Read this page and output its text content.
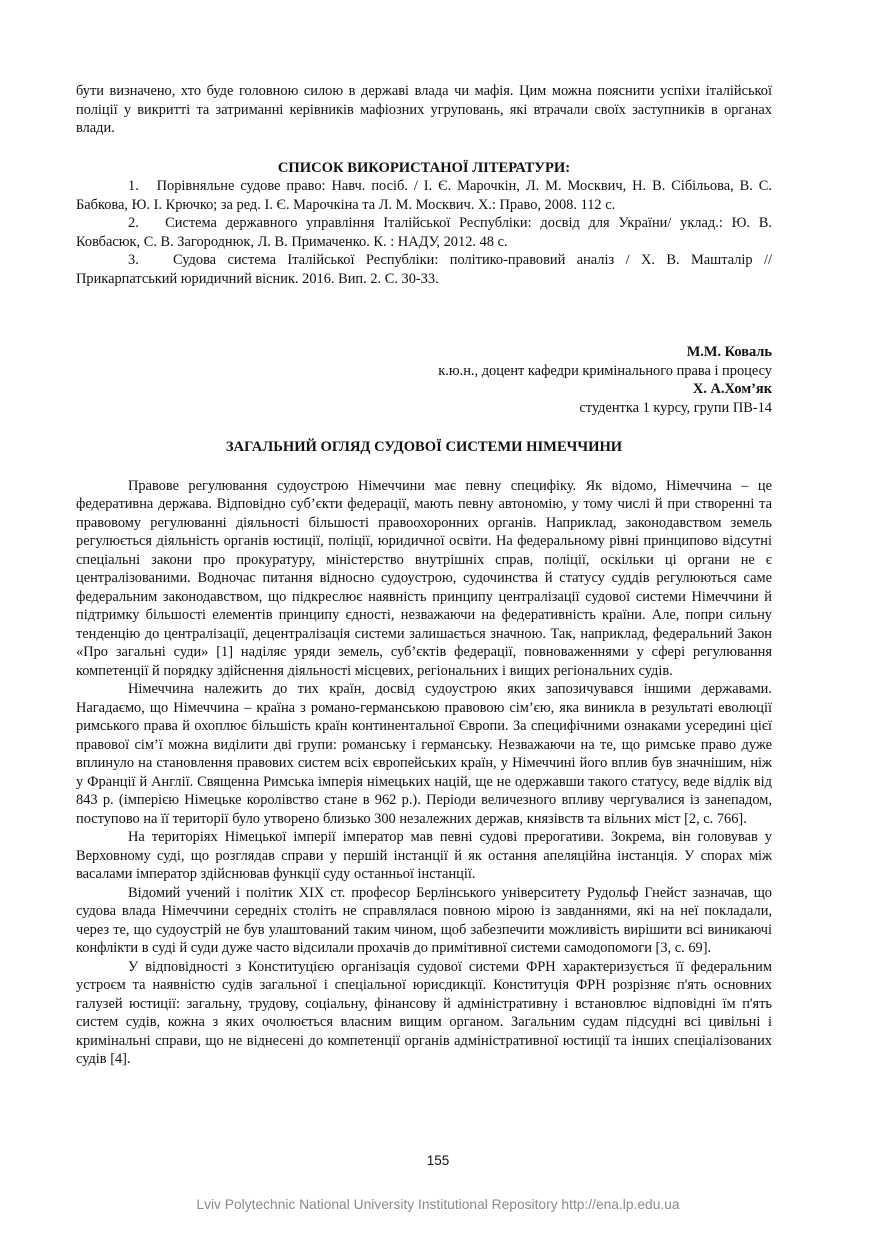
бути визначено, хто буде головною силою в державі влада чи мафія. Цим можна пояснити успіхи італійської поліції у викритті та затриманні керівників мафіозних угруповань, які втрачали своїх заступників в органах влади.

СПИСОК ВИКОРИСТАНОЇ ЛІТЕРАТУРИ:

1.   Порівняльне судове право: Навч. посіб. / І. Є. Марочкін, Л. М. Москвич, Н. В. Сібільова, В. С. Бабкова, Ю. І. Крючко; за ред. І. Є. Марочкіна та Л. М. Москвич. Х.: Право, 2008. 112 с.

2.   Система державного управління Італійської Республіки: досвід для України/ уклад.: Ю. В. Ковбасюк, С. В. Загороднюк, Л. В. Примаченко. К. : НАДУ, 2012. 48 с.

3.   Судова система Італійської Республіки: політико-правовий аналіз / Х. В. Машталір // Прикарпатський юридичний вісник. 2016. Вип. 2. С. 30-33.

М.М. Коваль
к.ю.н., доцент кафедри кримінального права і процесу
Х. А.Хом’як
студентка 1 курсу, групи ПВ-14
ЗАГАЛЬНИЙ ОГЛЯД СУДОВОЇ СИСТЕМИ НІМЕЧЧИНИ

Правове регулювання судоустрою Німеччини має певну специфіку. Як відомо, Німеччина – це федеративна держава. Відповідно суб’єкти федерації, мають певну автономію, у тому числі й при створенні та правовому регулюванні діяльності більшості правоохоронних органів. Наприклад, законодавством земель регулюється діяльність органів юстиції, поліції, юридичної освіти. На федеральному рівні принципово відсутні спеціальні закони про прокуратуру, міністерство внутрішніх справ, поліції, оскільки ці органи не є централізованими. Водночас питання відносно судоустрою, судочинства й статусу суддів регулюються саме федеральним законодавством, що підкреслює наявність принципу централізації судової системи Німеччини й підтримку більшості елементів принципу єдності, незважаючи на федеративність країни. Але, попри сильну тенденцію до централізації, децентралізація системи залишається значною. Так, наприклад, федеральний Закон «Про загальні суди» [1] наділяє уряди земель, суб’єктів федерації, повноваженнями у сфері регулювання компетенції й порядку здійснення діяльності місцевих, регіональних і вищих регіональних судів.

Німеччина належить до тих країн, досвід судоустрою яких запозичувався іншими державами. Нагадаємо, що Німеччина – країна з романо-германською правовою сім’єю, яка виникла в результаті еволюції римського права й охоплює більшість країн континентальної Європи. За специфічними ознаками усередині цієї правової сім’ї можна виділити дві групи: романську і германську. Незважаючи на те, що римське право дуже вплинуло на становлення правових систем всіх європейських країн, у Німеччині його вплив був значнішим, ніж у Франції й Англії. Священна Римська імперія німецьких націй, ще не одержавши такого статусу, веде відлік від 843 р. (імперією Німецьке королівство стане в 962 р.). Періоди величезного впливу чергувалися із занепадом, поступово на її території було утворено близько 300 незалежних держав, князівств та вільних міст [2, с. 766].

На територіях Німецької імперії імператор мав певні судові прерогативи. Зокрема, він головував у Верховному суді, що розглядав справи у першій інстанції й як остання апеляційна інстанція. У спорах між васалами імператор здійснював функції суду останньої інстанції.

Відомий учений і політик XIX ст. професор Берлінського університету Рудольф Гнейст зазначав, що судова влада Німеччини середніх століть не справлялася повною мірою із завданнями, які на неї покладали, через те, що судоустрій не був улаштований таким чином, щоб забезпечити можливість вирішити всі виникаючі конфлікти в суді й суди дуже часто відсилали прохачів до примітивної системи самодопомоги [3, с. 69].

У відповідності з Конституцією організація судової системи ФРН характеризується її федеральним устроєм та наявністю судів загальної і спеціальної юрисдикції. Конституція ФРН розрізняє п'ять основних галузей юстиції: загальну, трудову, соціальну, фінансову й адміністративну і встановлює відповідні їм п'ять систем судів, кожна з яких очолюється власним вищим органом. Загальним судам підсудні всі цивільні і кримінальні справи, що не віднесені до компетенції органів адміністративної юстиції та інших спеціалізованих судів [4].

155
Lviv Polytechnic National University Institutional Repository http://ena.lp.edu.ua
